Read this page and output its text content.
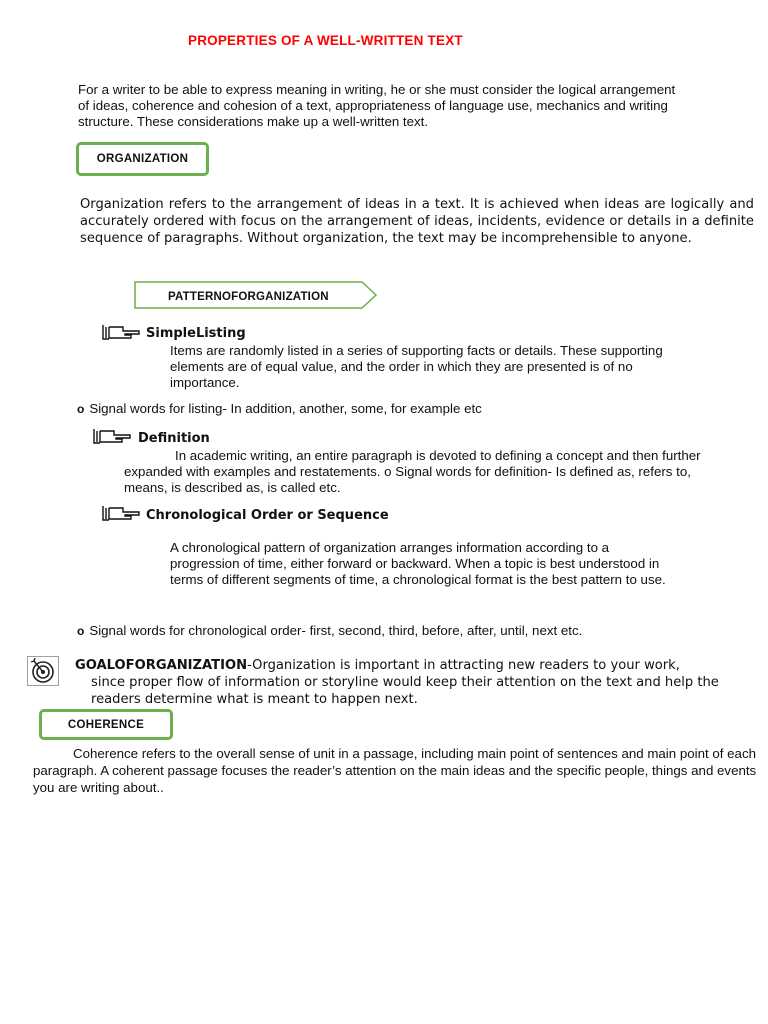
PROPERTIES OF A WELL-WRITTEN TEXT
For a writer to be able to express meaning in writing, he or she must consider the logical arrangement of ideas, coherence and cohesion of a text, appropriateness of language use, mechanics and writing structure. These considerations make up a well-written text.
ORGANIZATION
Organization refers to the arrangement of ideas in a text. It is achieved when ideas are logically and accurately ordered with focus on the arrangement of ideas, incidents, evidence or details in a definite sequence of paragraphs. Without organization, the text may be incomprehensible to anyone.
PATTERNOFORGANIZATION
SimpleListing
Items are randomly listed in a series of supporting facts or details. These supporting elements are of equal value, and the order in which they are presented is of no importance.
o Signal words for listing- In addition, another, some, for example etc
Definition
In academic writing, an entire paragraph is devoted to defining a concept and then further expanded with examples and restatements. o Signal words for definition- Is defined as, refers to, means, is described as, is called etc.
Chronological Order or Sequence
A chronological pattern of organization arranges information according to a progression of time, either forward or backward. When a topic is best understood in terms of different segments of time, a chronological format is the best pattern to use.
o Signal words for chronological order- first, second, third, before, after, until, next etc.
GOALOFORGANIZATION-Organization is important in attracting new readers to your work,
since proper flow of information or storyline would keep their attention on the text and help the readers determine what is meant to happen next.
COHERENCE
Coherence refers to the overall sense of unit in a passage, including main point of sentences and main point of each paragraph. A coherent passage focuses the reader’s attention on the main ideas and the specific people, things and events you are writing about..
